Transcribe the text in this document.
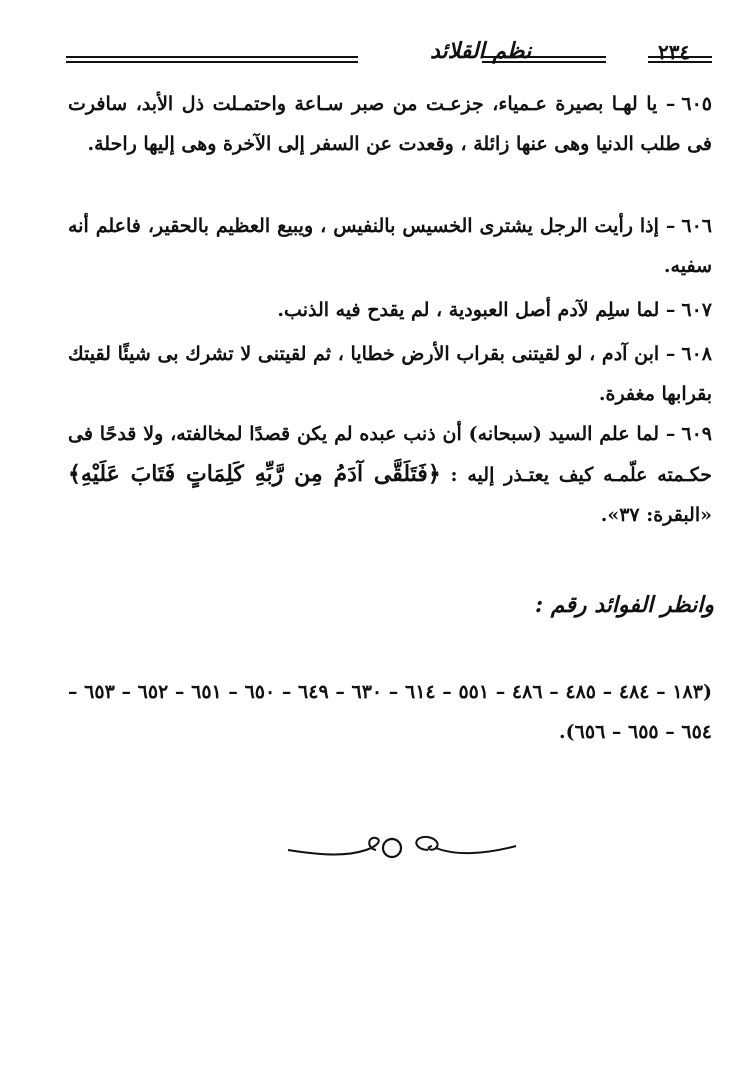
نظم القلائد	٢٣٤
٦٠٥– يا لهـا بصيرة عـمياء، جزعـت من صبر سـاعة واحتمـلت ذل الأبد، سافرت فى طلب الدنيا وهى عنها زائلة ، وقعدت عن السفر إلى الآخرة وهى إليها راحلة.
٦٠٦– إذا رأيت الرجل يشترى الخسيس بالنفيس ، ويبيع العظيم بالحقير، فاعلم أنه سفيه.
٦٠٧– لما سلِم لآدم أصل العبودية ، لم يقدح فيه الذنب.
٦٠٨– ابن آدم ، لو لقيتنى بقراب الأرض خطايا ، ثم لقيتنى لا تشرك بى شيئًا لقيتك بقرابها مغفرة.
٦٠٩– لما علم السيد (سبحانه) أن ذنب عبده لم يكن قصدًا لمخالفته، ولا قدحًا فى حكـمته علّمـه كيف يعتـذر إليه : ﴿فَتَلَقَّى آدَمُ مِن رَّبِّهِ كَلِمَاتٍ فَتَابَ عَلَيْهِ﴾ «البقرة: ٣٧».
وانظر الفوائد رقم :
(١٨٣ – ٤٨٤ – ٤٨٥ – ٤٨٦ – ٥٥١ – ٦١٤ – ٦٣٠ – ٦٤٩ – ٦٥٠ – ٦٥١ – ٦٥٢ – ٦٥٣ – ٦٥٤ – ٦٥٥ – ٦٥٦).
